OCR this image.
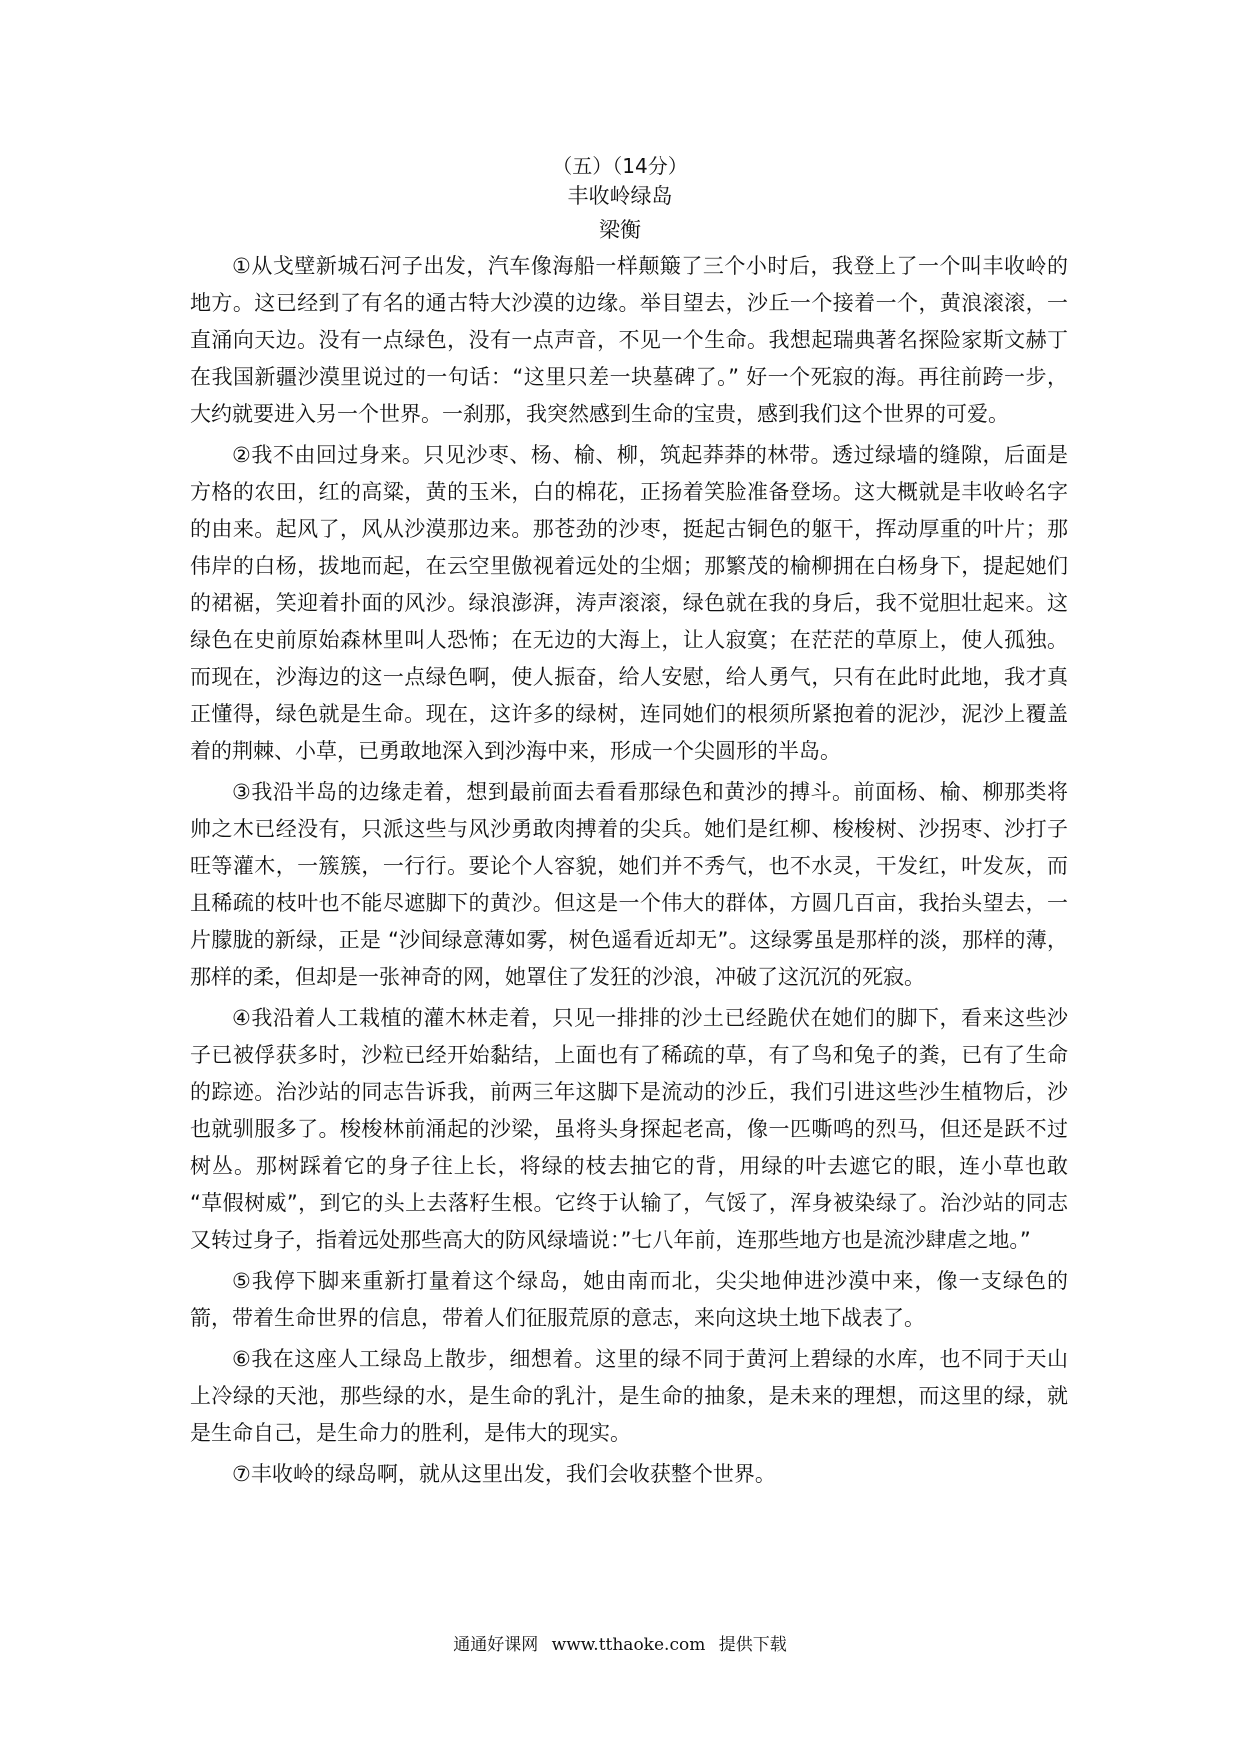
（五）（14分）
丰收岭绿岛
梁衡

①从戈壁新城石河子出发，汽车像海船一样颠簸了三个小时后，我登上了一个叫丰收岭的地方。这已经到了有名的通古特大沙漠的边缘。举目望去，沙丘一个接着一个，黄浪滚滚，一直涌向天边。没有一点绿色，没有一点声音，不见一个生命。我想起瑞典著名探险家斯文赫丁在我国新疆沙漠里说过的一句话：“这里只差一块墓碑了。” 好一个死寂的海。再往前跨一步，大约就要进入另一个世界。一刹那，我突然感到生命的宝贵，感到我们这个世界的可爱。

②我不由回过身来。只见沙枣、杨、榆、柳，筑起莽莽的林带。透过绿墙的缝隙，后面是方格的农田，红的高粱，黄的玉米，白的棉花，正扬着笑脸准备登场。这大概就是丰收岭名字的由来。起风了，风从沙漠那边来。那苍劲的沙枣，挺起古铜色的躯干，挥动厚重的叶片；那伟岸的白杨，拔地而起，在云空里傲视着远处的尘烟；那繁茂的榆柳拥在白杨身下，提起她们的裙裾，笑迎着扑面的风沙。绿浪澎湃，涛声滚滚，绿色就在我的身后，我不觉胆壮起来。这绿色在史前原始森林里叫人恐怖；在无边的大海上，让人寂寞；在茫茫的草原上，使人孤独。而现在，沙海边的这一点绿色啊，使人振奋，给人安慰，给人勇气，只有在此时此地，我才真正懂得，绿色就是生命。现在，这许多的绿树，连同她们的根须所紧抱着的泥沙，泥沙上覆盖着的荆棘、小草，已勇敢地深入到沙海中来，形成一个尖圆形的半岛。

③我沿半岛的边缘走着，想到最前面去看看那绿色和黄沙的搏斗。前面杨、榆、柳那类将帅之木已经没有，只派这些与风沙勇敢肉搏着的尖兵。她们是红柳、梭梭树、沙拐枣、沙打子旺等灌木，一簇簇，一行行。要论个人容貌，她们并不秀气，也不水灵，干发红，叶发灰，而且稀疏的枝叶也不能尽遮脚下的黄沙。但这是一个伟大的群体，方圆几百亩，我抬头望去，一片朦胧的新绿，正是 “沙间绿意薄如雾，树色遥看近却无”。这绿雾虽是那样的淡，那样的薄，那样的柔，但却是一张神奇的网，她罩住了发狂的沙浪，冲破了这沉沉的死寂。

④我沿着人工栽植的灌木林走着，只见一排排的沙土已经跪伏在她们的脚下，看来这些沙子已被俘获多时，沙粒已经开始黏结，上面也有了稀疏的草，有了鸟和兔子的粪，已有了生命的踪迹。治沙站的同志告诉我，前两三年这脚下是流动的沙丘，我们引进这些沙生植物后，沙也就驯服多了。梭梭林前涌起的沙梁，虽将头身探起老高，像一匹嘶鸣的烈马，但还是跃不过树丛。那树踩着它的身子往上长，将绿的枝去抽它的背，用绿的叶去遮它的眼，连小草也敢 “草假树威”，到它的头上去落籽生根。它终于认输了，气馁了，浑身被染绿了。治沙站的同志又转过身子，指着远处那些高大的防风绿墙说：”七八年前，连那些地方也是流沙肆虐之地。”

⑤我停下脚来重新打量着这个绿岛，她由南而北，尖尖地伸进沙漠中来，像一支绿色的箭，带着生命世界的信息，带着人们征服荒原的意志，来向这块土地下战表了。

⑥我在这座人工绿岛上散步，细想着。这里的绿不同于黄河上碧绿的水库，也不同于天山上冷绿的天池，那些绿的水，是生命的乳汁，是生命的抽象，是未来的理想，而这里的绿，就是生命自己，是生命力的胜利，是伟大的现实。

⑦丰收岭的绿岛啊，就从这里出发，我们会收获整个世界。

通通好课网 www.tthaoke.com 提供下载
